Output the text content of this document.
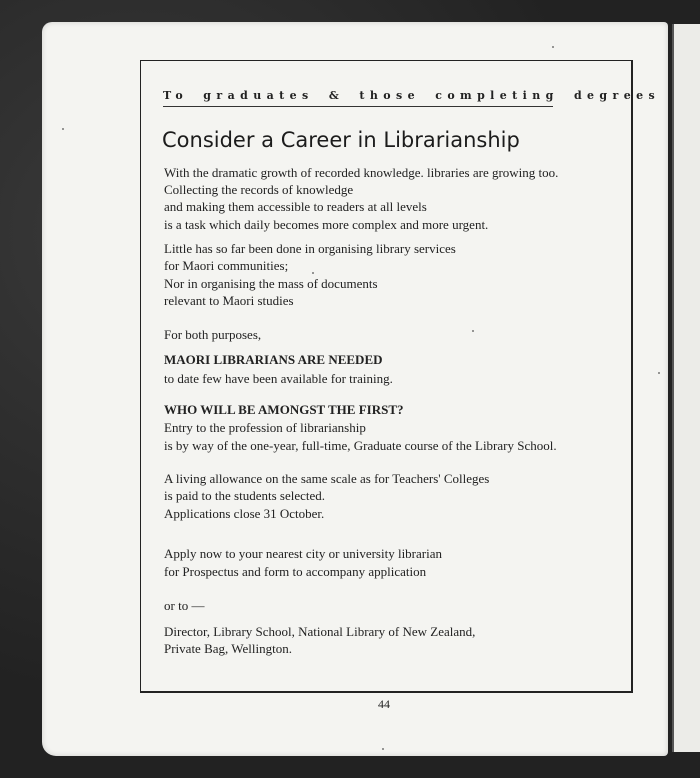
To graduates & those completing degrees
Consider a Career in Librarianship
With the dramatic growth of recorded knowledge. libraries are growing too.
Collecting the records of knowledge
and making them accessible to readers at all levels
is a task which daily becomes more complex and more urgent.
Little has so far been done in organising library services
for Maori communities;
Nor in organising the mass of documents
relevant to Maori studies
For both purposes,
MAORI LIBRARIANS ARE NEEDED
to date few have been available for training.
WHO WILL BE AMONGST THE FIRST?
Entry to the profession of librarianship
is by way of the one-year, full-time, Graduate course of the Library School.
A living allowance on the same scale as for Teachers' Colleges
is paid to the students selected.
Applications close 31 October.
Apply now to your nearest city or university librarian
for Prospectus and form to accompany application
or to —
Director, Library School, National Library of New Zealand,
Private Bag, Wellington.
44
